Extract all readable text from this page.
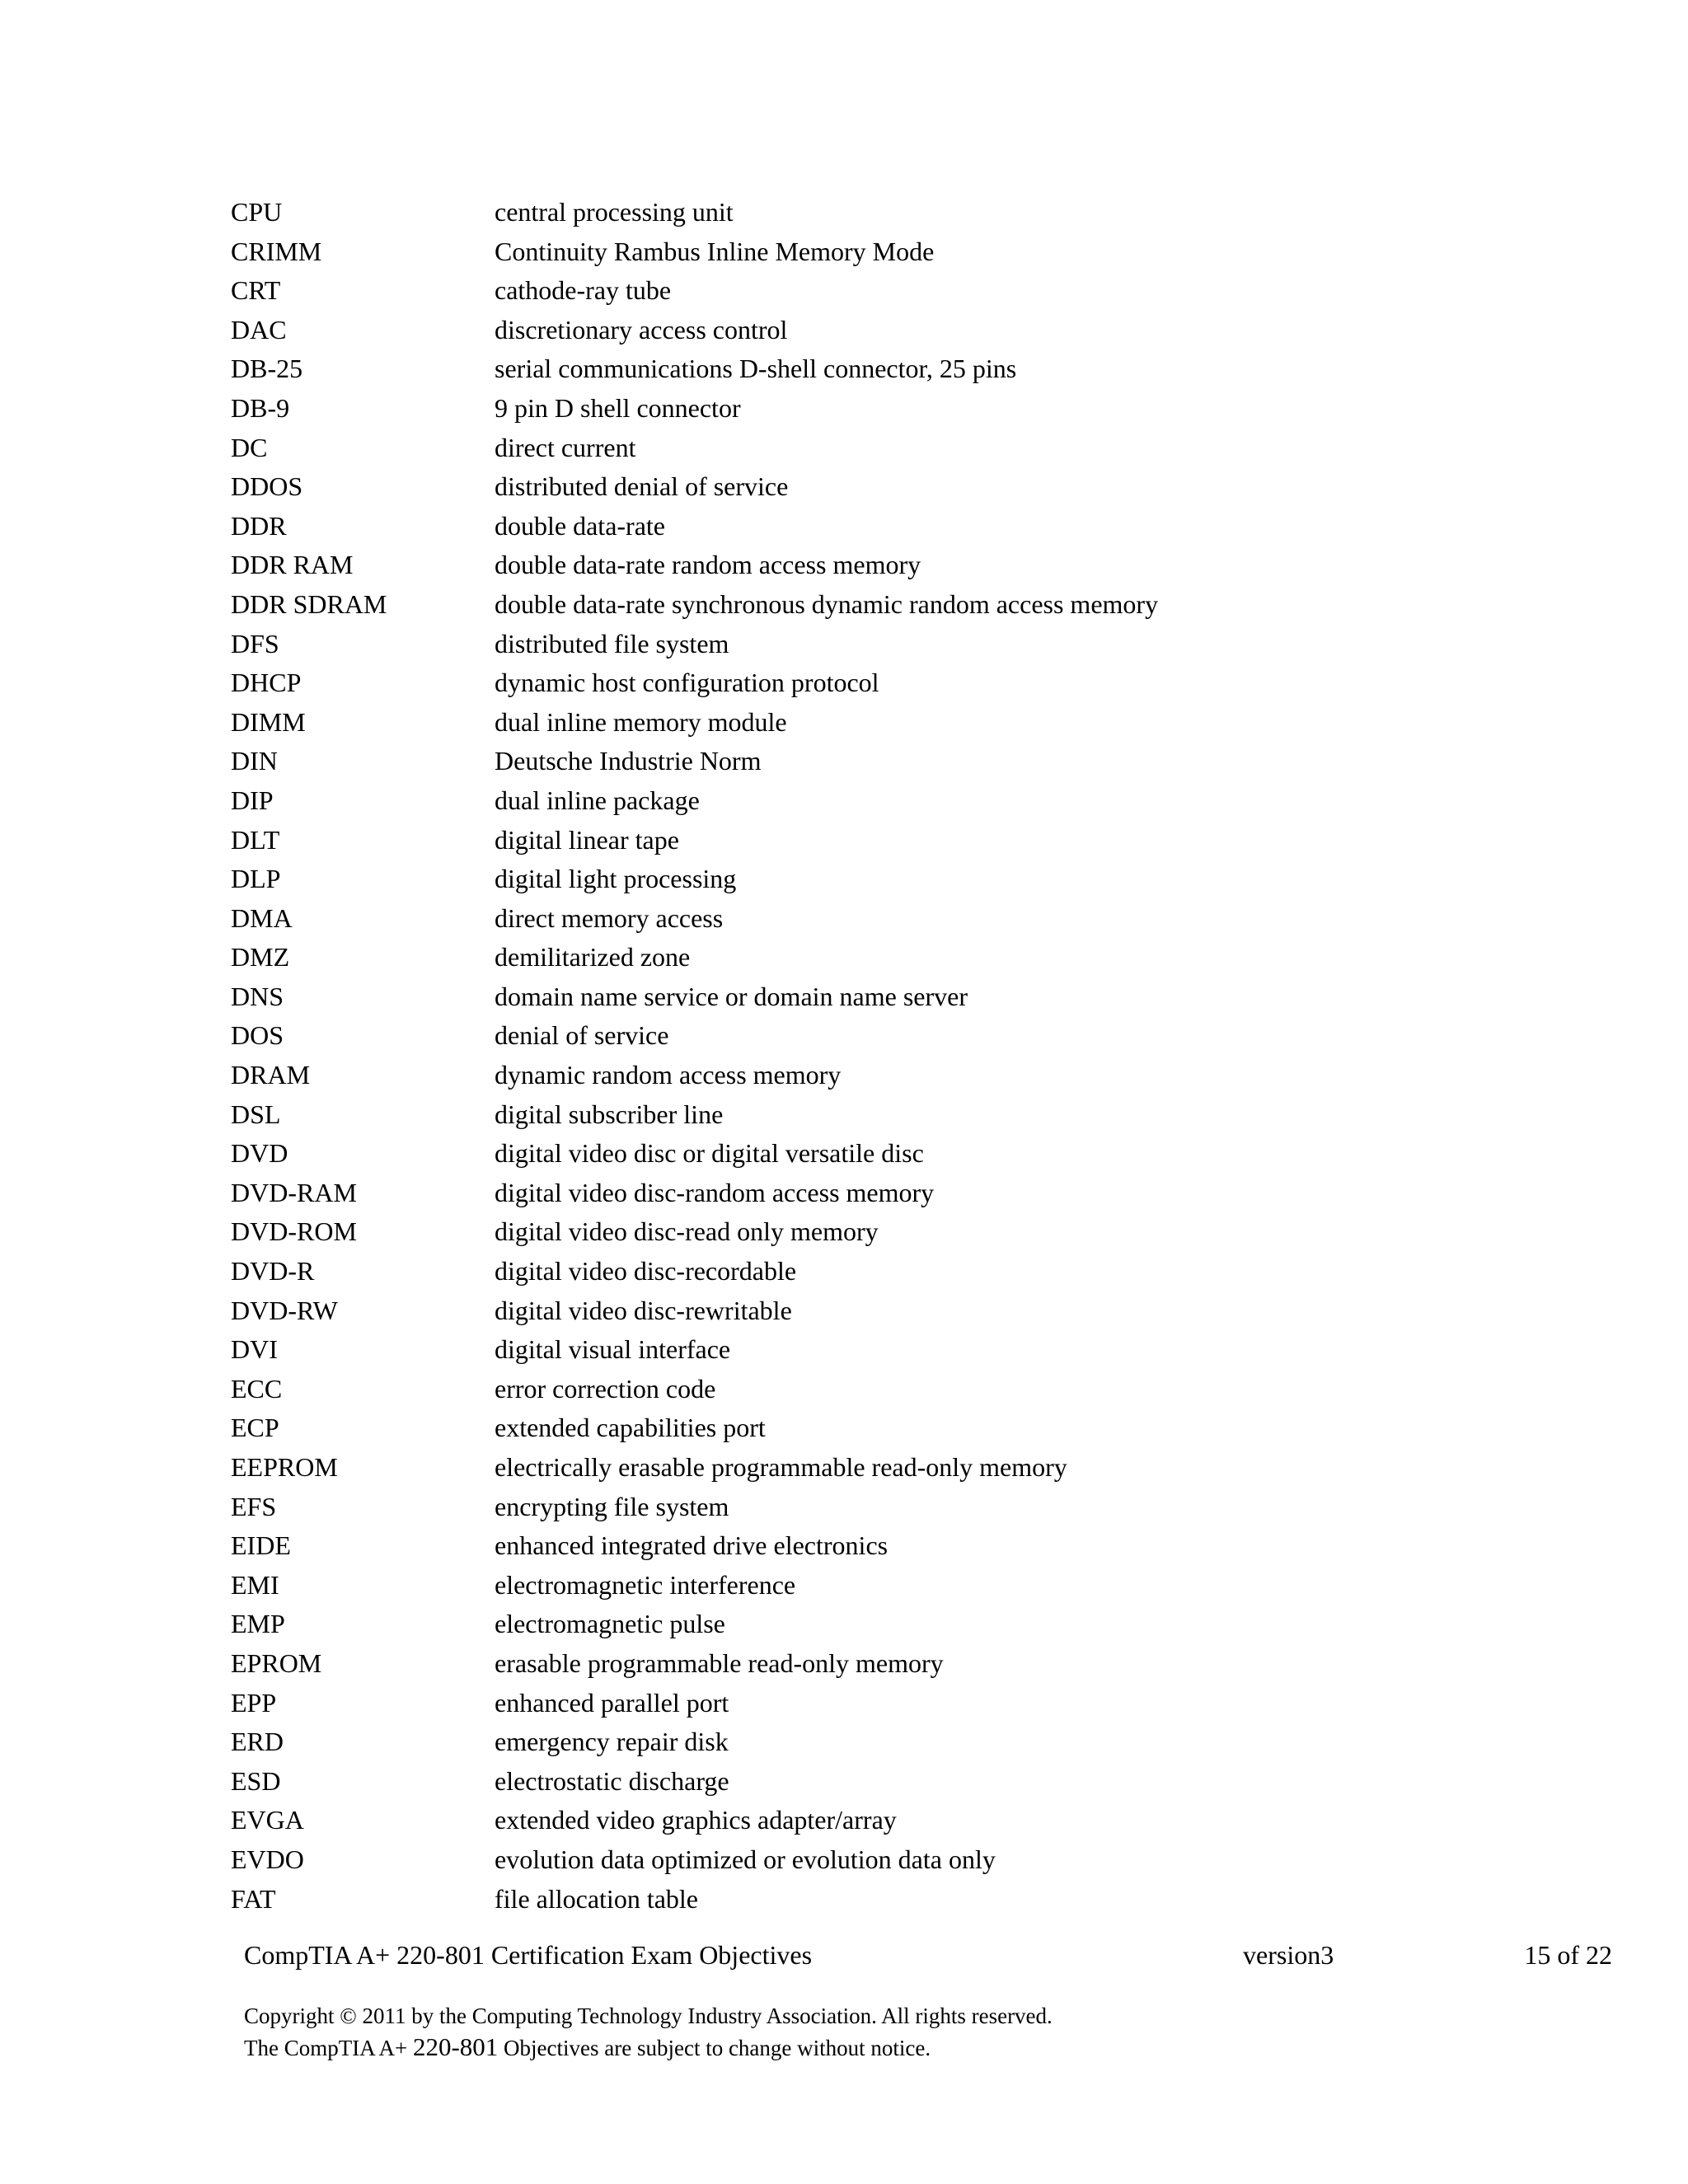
CPU	central processing unit
CRIMM	Continuity Rambus Inline Memory Mode
CRT	cathode-ray tube
DAC	discretionary access control
DB-25	serial communications D-shell connector, 25 pins
DB-9	9 pin D shell connector
DC	direct current
DDOS	distributed denial of service
DDR	double data-rate
DDR RAM	double data-rate random access memory
DDR SDRAM	double data-rate synchronous dynamic random access memory
DFS	distributed file system
DHCP	dynamic host configuration protocol
DIMM	dual inline memory module
DIN	Deutsche Industrie Norm
DIP	dual inline package
DLT	digital linear tape
DLP	digital light processing
DMA	direct memory access
DMZ	demilitarized zone
DNS	domain name service or domain name server
DOS	denial of service
DRAM	dynamic random access memory
DSL	digital subscriber line
DVD	digital video disc or digital versatile disc
DVD-RAM	digital video disc-random access memory
DVD-ROM	digital video disc-read only memory
DVD-R	digital video disc-recordable
DVD-RW	digital video disc-rewritable
DVI	digital visual interface
ECC	error correction code
ECP	extended capabilities port
EEPROM	electrically erasable programmable read-only memory
EFS	encrypting file system
EIDE	enhanced integrated drive electronics
EMI	electromagnetic interference
EMP	electromagnetic pulse
EPROM	erasable programmable read-only memory
EPP	enhanced parallel port
ERD	emergency repair disk
ESD	electrostatic discharge
EVGA	extended video graphics adapter/array
EVDO	evolution data optimized or evolution data only
FAT	file allocation table
CompTIA A+ 220-801 Certification Exam Objectives	version3	15 of 22
Copyright © 2011 by the Computing Technology Industry Association. All rights reserved.
The CompTIA A+ 220-801 Objectives are subject to change without notice.
